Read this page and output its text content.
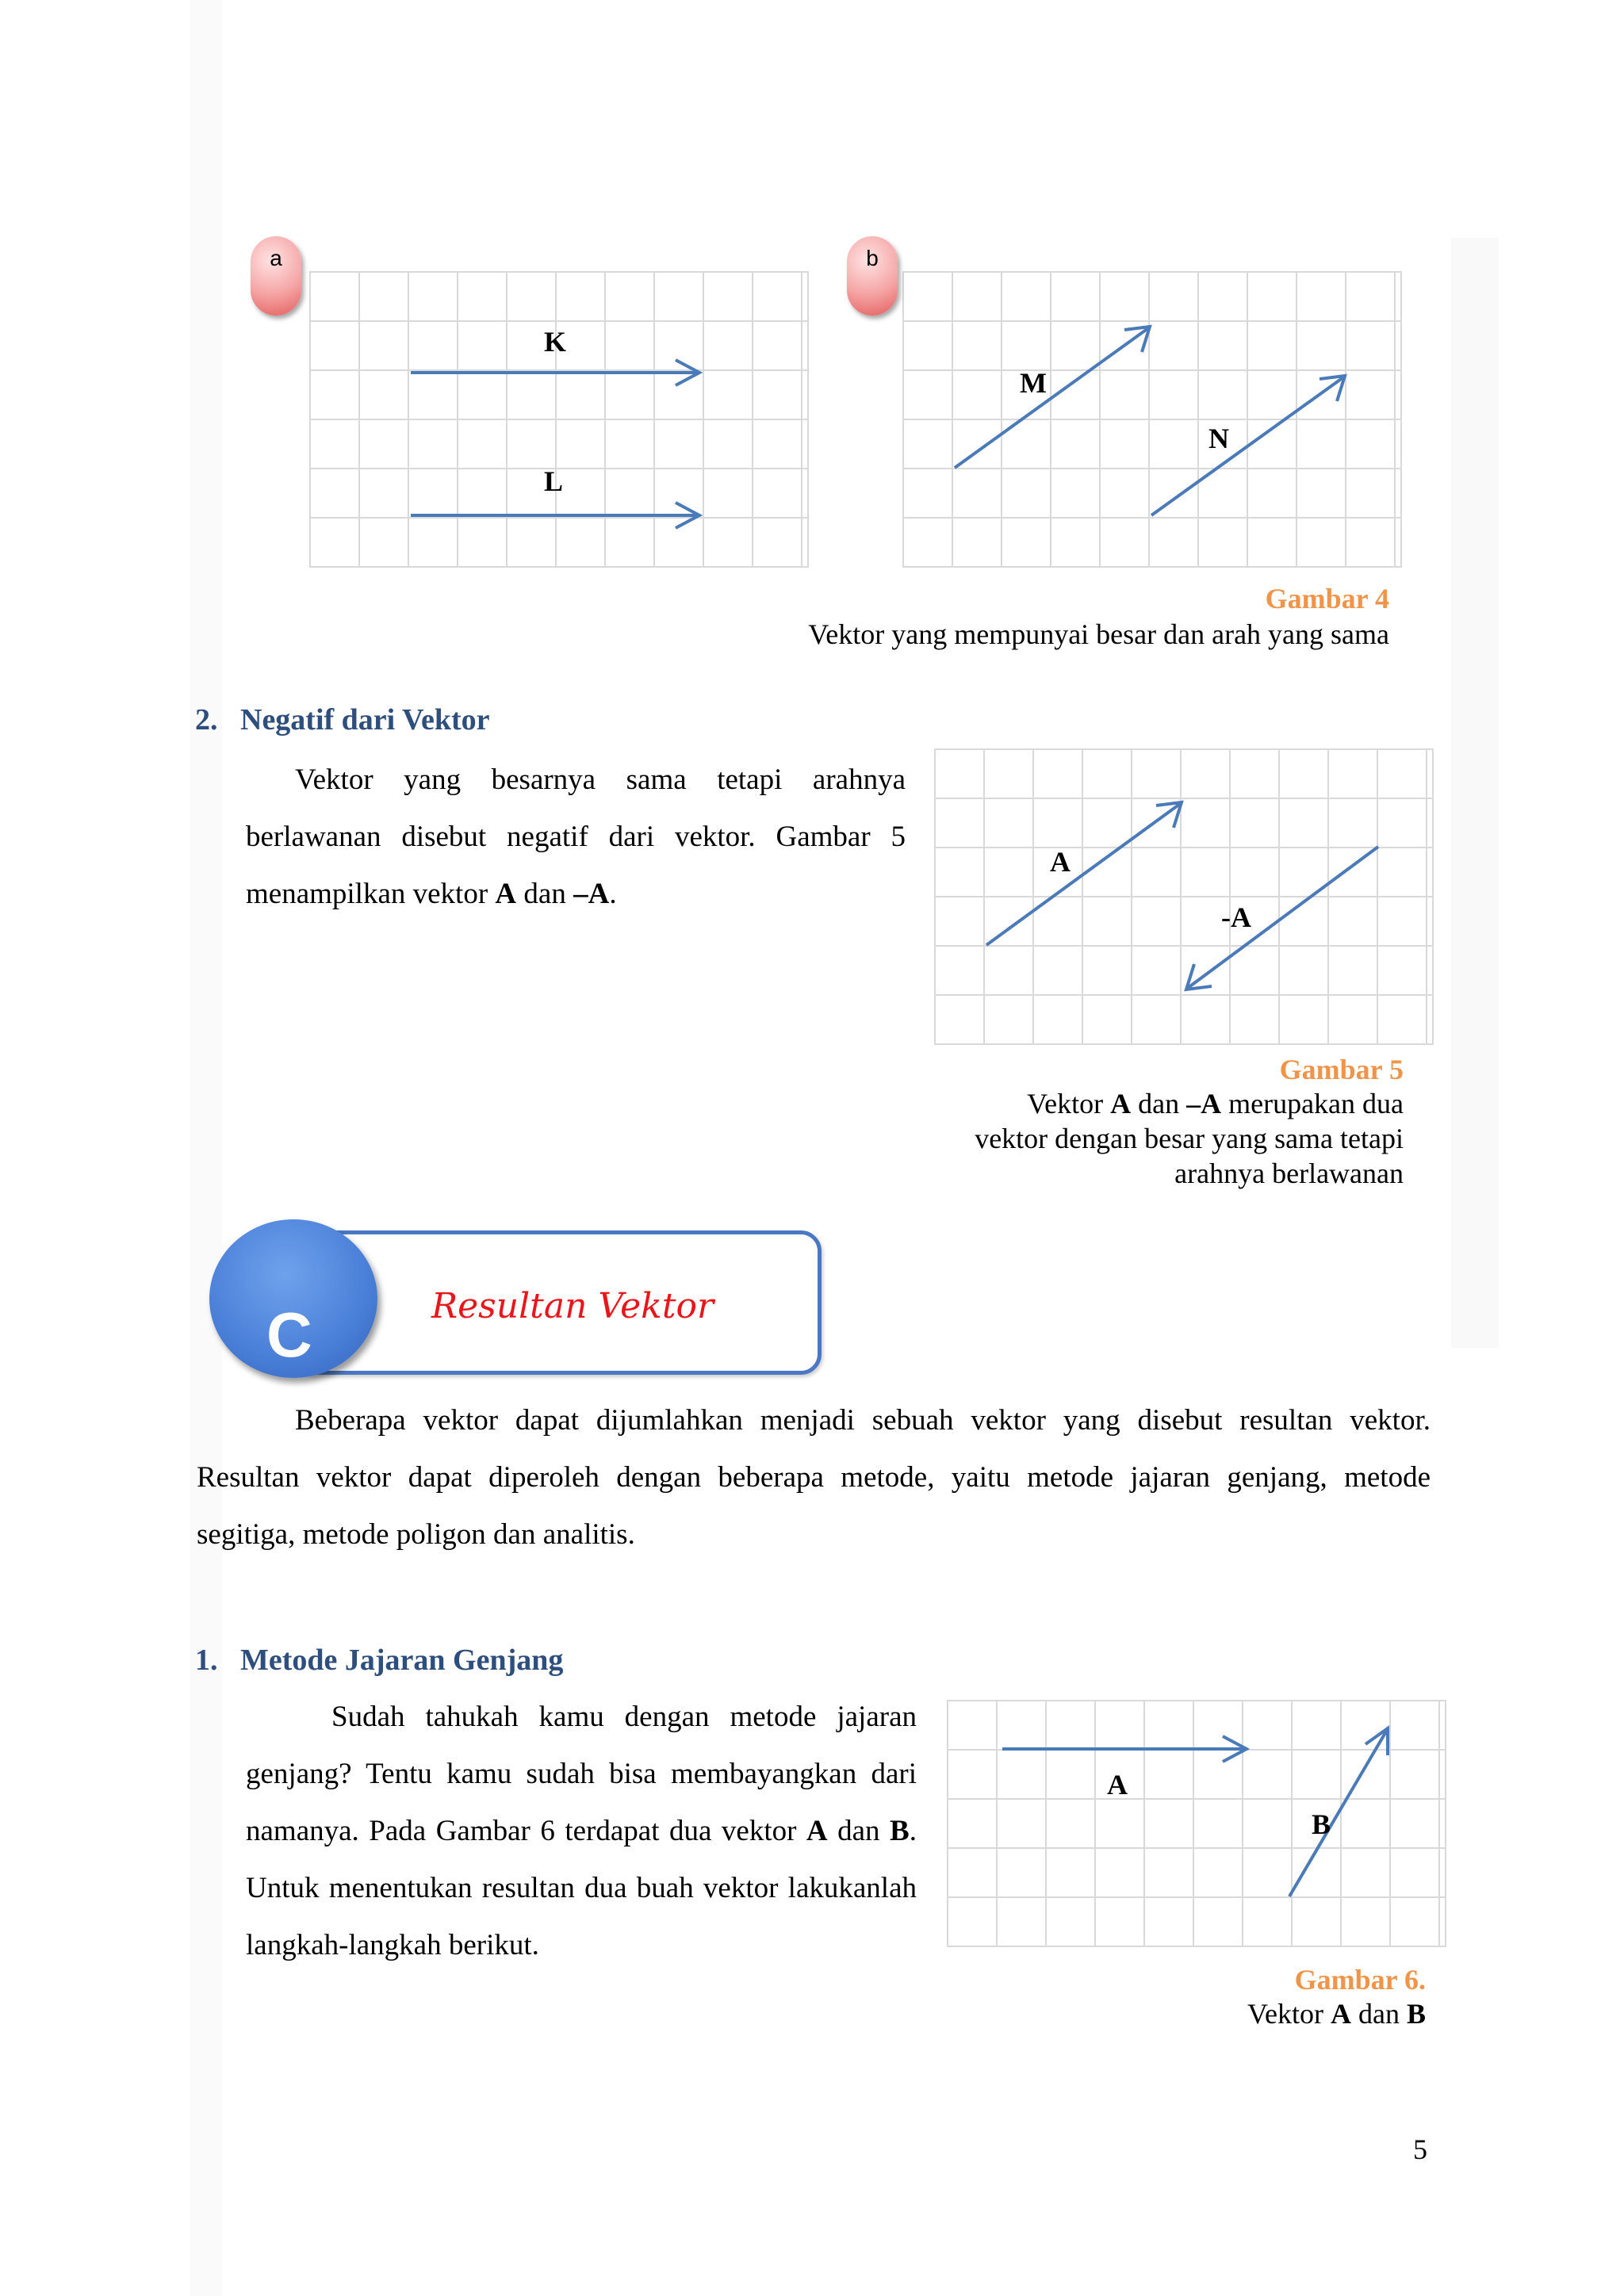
a
K
L
b
M
N
Gambar 4
Vektor yang mempunyai besar dan arah yang sama
2. Negatif dari Vektor
Vektor yang besarnya sama tetapi arahnya berlawanan disebut negatif dari vektor. Gambar 5 menampilkan vektor A dan –A.
A
-A
Gambar 5
Vektor A dan –A merupakan dua
vektor dengan besar yang sama tetapi
arahnya berlawanan
C	Resultan Vektor
Beberapa vektor dapat dijumlahkan menjadi sebuah vektor yang disebut resultan vektor. Resultan vektor dapat diperoleh dengan beberapa metode, yaitu metode jajaran genjang, metode segitiga, metode poligon dan analitis.
1. Metode Jajaran Genjang
Sudah tahukah kamu dengan metode jajaran genjang? Tentu kamu sudah bisa membayangkan dari namanya. Pada Gambar 6 terdapat dua vektor A dan B. Untuk menentukan resultan dua buah vektor lakukanlah langkah-langkah berikut.
A
B
Gambar 6.
Vektor A dan B
5
